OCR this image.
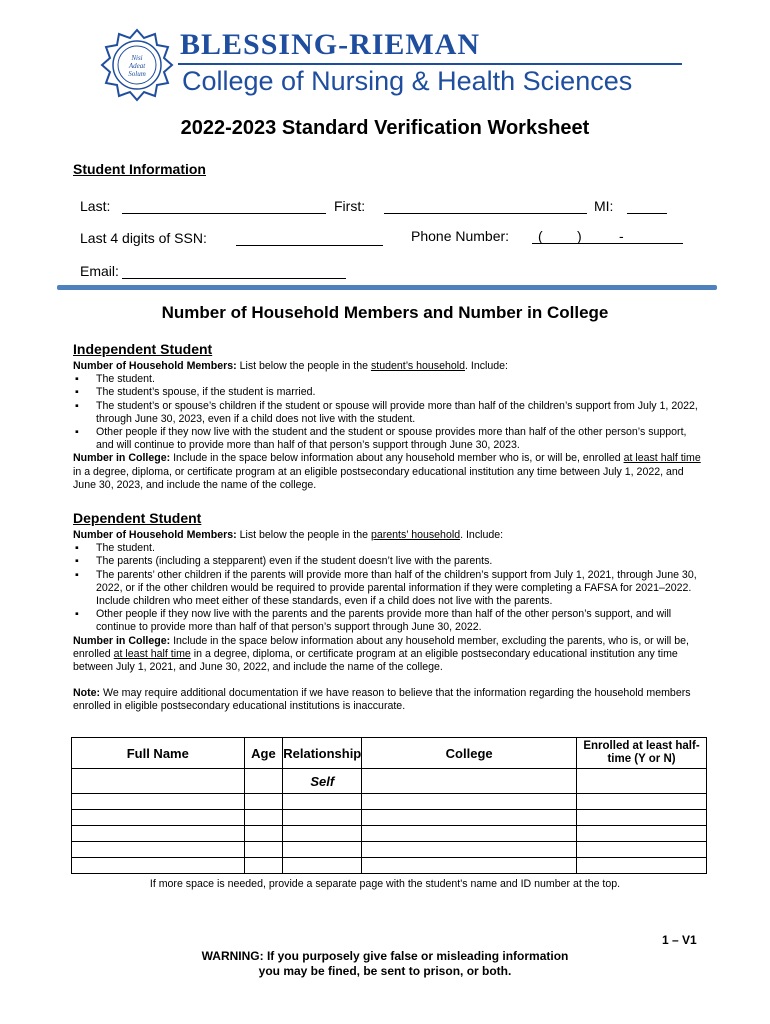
Nisi
Adeat
Solum
BLESSING-RIEMAN
College of Nursing & Health Sciences
2022-2023 Standard Verification Worksheet
Student Information
Last:	First:	MI:
Last 4 digits of SSN:	Phone Number: ( )	-
Email:
Number of Household Members and Number in College
Independent Student

Number of Household Members: List below the people in the student’s household. Include:

▪ The student.
▪ The student’s spouse, if the student is married.
▪ The student’s or spouse’s children if the student or spouse will provide more than half of the children’s support from July 1, 2022, through June 30, 2023, even if a child does not live with the student.
▪ Other people if they now live with the student and the student or spouse provides more than half of the other person’s support, and will continue to provide more than half of that person’s support through June 30, 2023.

Number in College: Include in the space below information about any household member who is, or will be, enrolled at least half time in a degree, diploma, or certificate program at an eligible postsecondary educational institution any time between July 1, 2022, and June 30, 2023, and include the name of the college.

Dependent Student

Number of Household Members: List below the people in the parents’ household. Include:

▪ The student.
▪ The parents (including a stepparent) even if the student doesn’t live with the parents.
▪ The parents’ other children if the parents will provide more than half of the children’s support from July 1, 2021, through June 30, 2022, or if the other children would be required to provide parental information if they were completing a FAFSA for 2021–2022. Include children who meet either of these standards, even if a child does not live with the parents.
▪ Other people if they now live with the parents and the parents provide more than half of the other person’s support, and will continue to provide more than half of that person’s support through June 30, 2022.

Number in College: Include in the space below information about any household member, excluding the parents, who is, or will be, enrolled at least half time in a degree, diploma, or certificate program at an eligible postsecondary educational institution any time between July 1, 2021, and June 30, 2022, and include the name of the college.

Note: We may require additional documentation if we have reason to believe that the information regarding the household members enrolled in eligible postsecondary educational institutions is inaccurate.

Full Name	Age	Relationship	College	Enrolled at least half-time (Y or N)
		Self		

If more space is needed, provide a separate page with the student's name and ID number at the top.
1 – V1
WARNING: If you purposely give false or misleading information
you may be fined, be sent to prison, or both.
